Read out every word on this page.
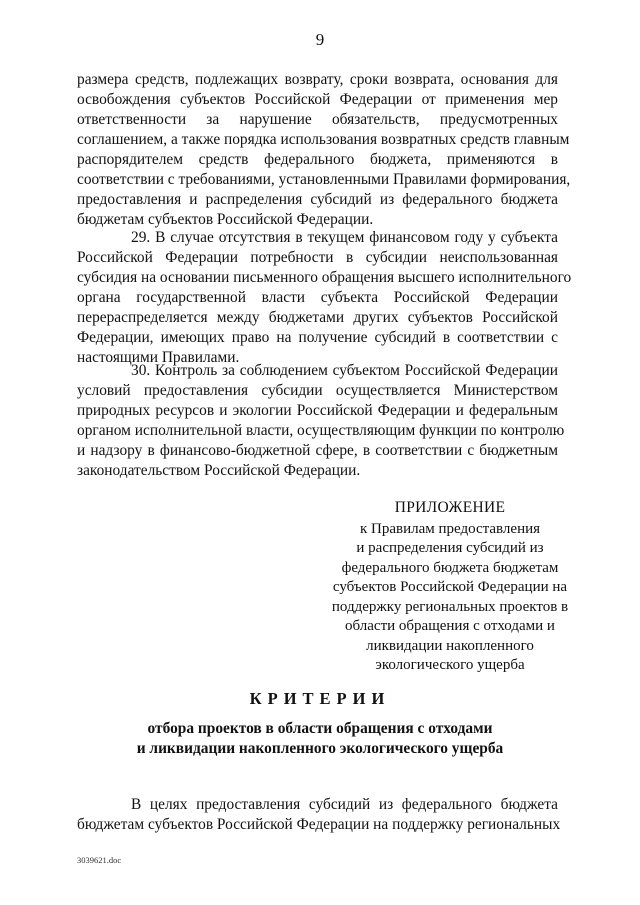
9
размера средств, подлежащих возврату, сроки возврата, основания для
освобождения субъектов Российской Федерации от применения мер
ответственности за нарушение обязательств, предусмотренных
соглашением, а также порядка использования возвратных средств главным
распорядителем средств федерального бюджета, применяются в
соответствии с требованиями, установленными Правилами формирования,
предоставления и распределения субсидий из федерального бюджета
бюджетам субъектов Российской Федерации.
29. В случае отсутствия в текущем финансовом году у субъекта
Российской Федерации потребности в субсидии неиспользованная
субсидия на основании письменного обращения высшего исполнительного
органа государственной власти субъекта Российской Федерации
перераспределяется между бюджетами других субъектов Российской
Федерации, имеющих право на получение субсидий в соответствии с
настоящими Правилами.
30. Контроль за соблюдением субъектом Российской Федерации
условий предоставления субсидии осуществляется Министерством
природных ресурсов и экологии Российской Федерации и федеральным
органом исполнительной власти, осуществляющим функции по контролю
и надзору в финансово-бюджетной сфере, в соответствии с бюджетным
законодательством Российской Федерации.
ПРИЛОЖЕНИЕ
к Правилам предоставления
и распределения субсидий из
федерального бюджета бюджетам
субъектов Российской Федерации на
поддержку региональных проектов в
области обращения с отходами и
ликвидации накопленного
экологического ущерба
КРИТЕРИИ
отбора проектов в области обращения с отходами
и ликвидации накопленного экологического ущерба
В целях предоставления субсидий из федерального бюджета
бюджетам субъектов Российской Федерации на поддержку региональных
3039621.doc
